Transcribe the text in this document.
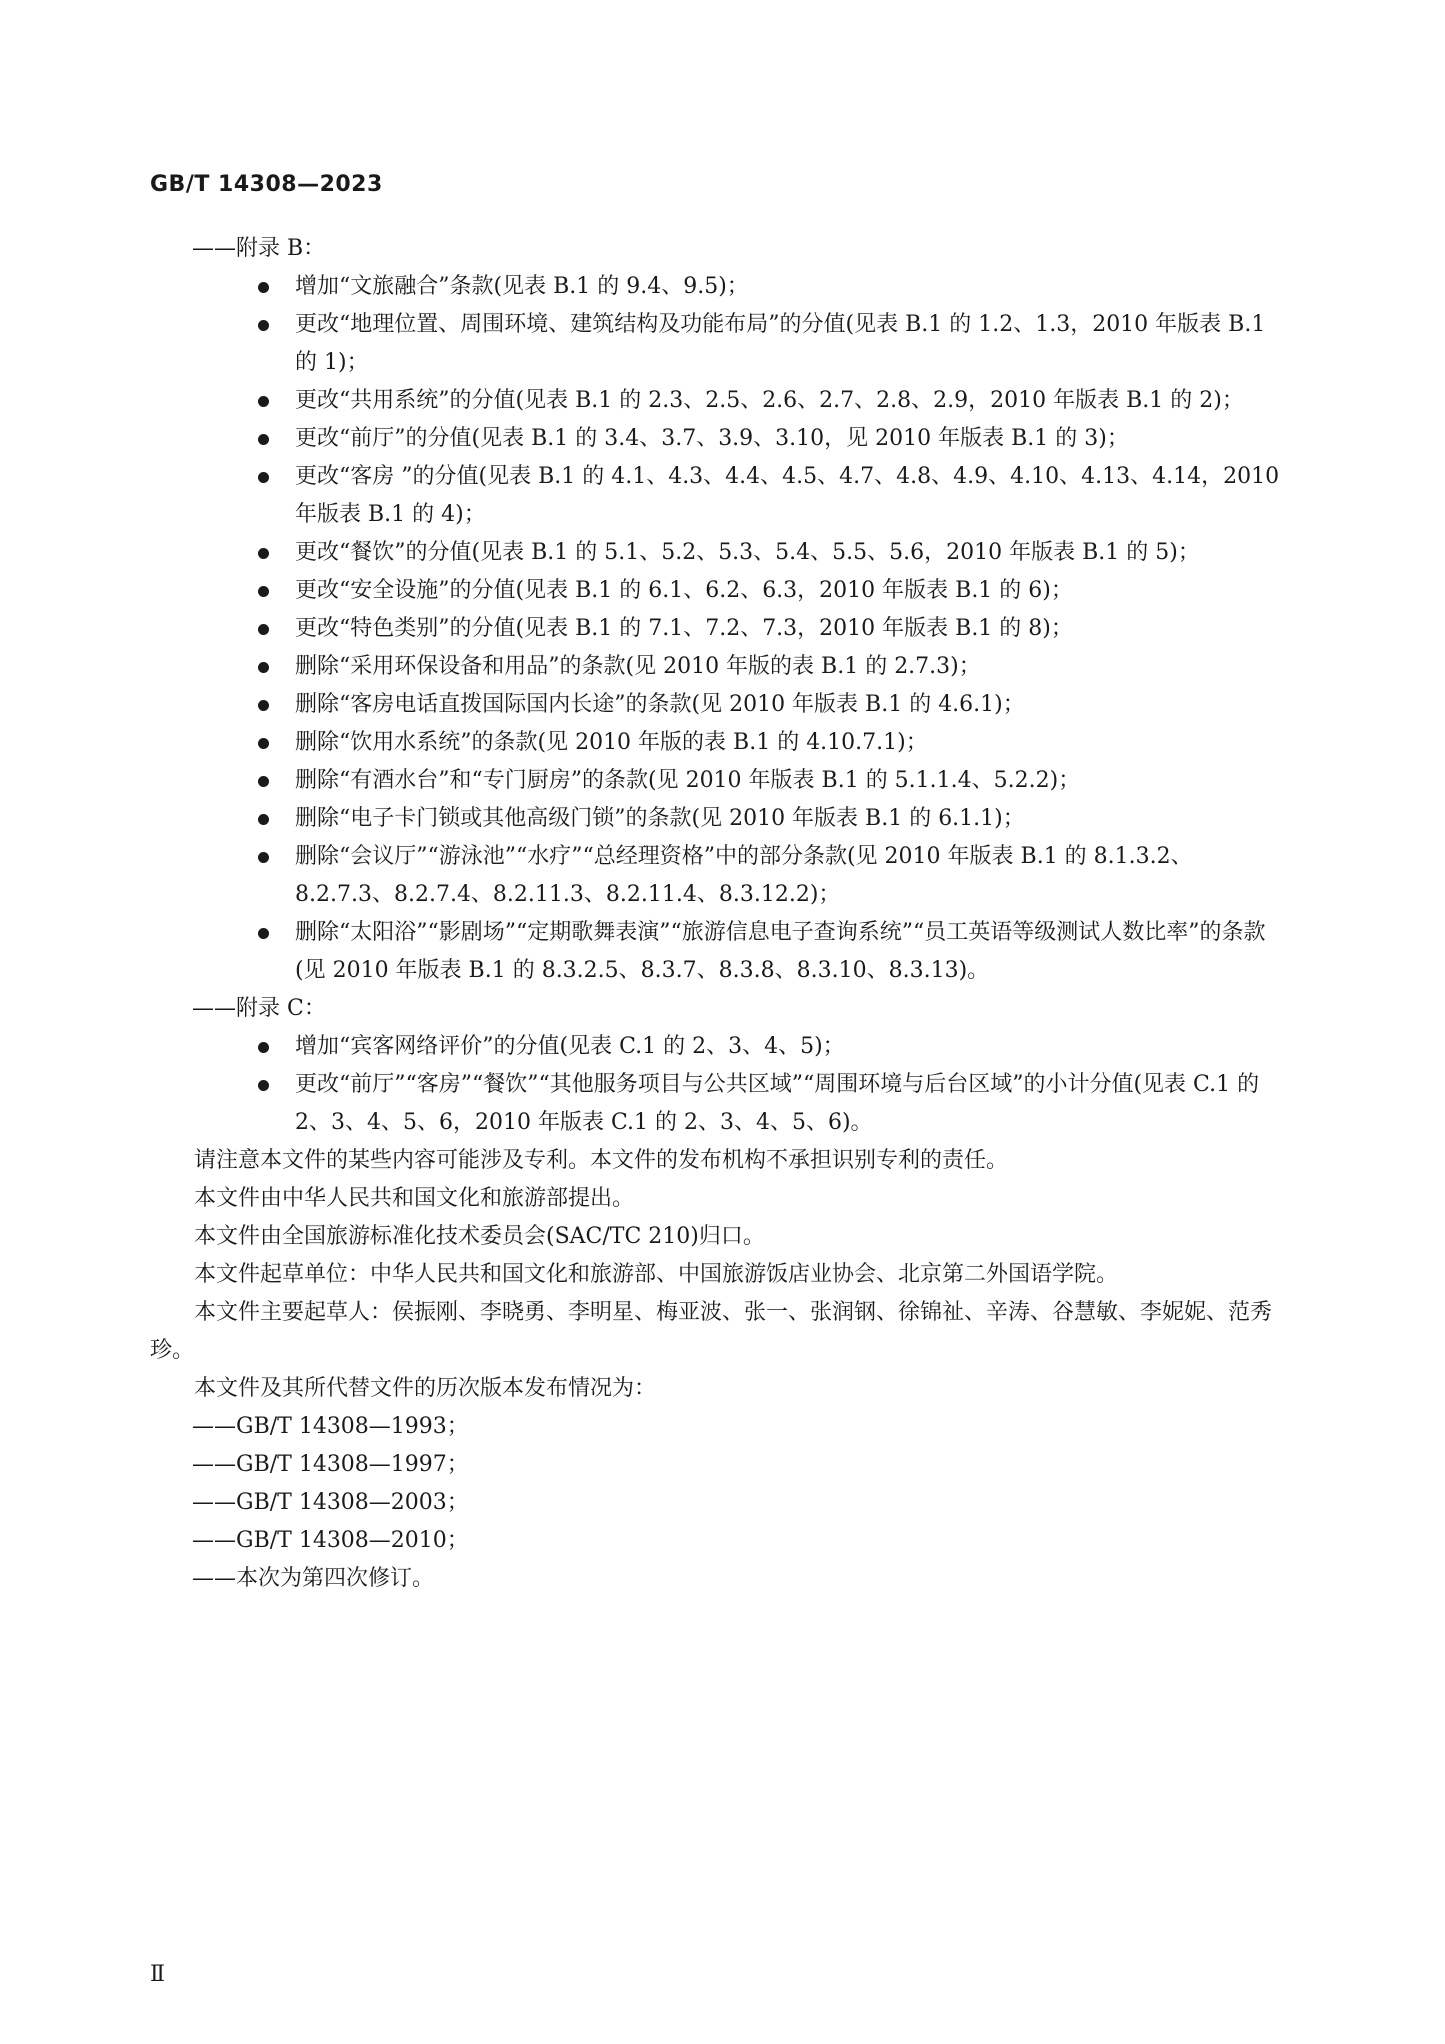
GB/T 14308—2023
——附录 B：
增加“文旅融合”条款(见表 B.1 的 9.4、9.5)；
更改“地理位置、周围环境、建筑结构及功能布局”的分值(见表 B.1 的 1.2、1.3，2010 年版表 B.1 的 1)；
更改“共用系统”的分值(见表 B.1 的 2.3、2.5、2.6、2.7、2.8、2.9，2010 年版表 B.1 的 2)；
更改“前厅”的分值(见表 B.1 的 3.4、3.7、3.9、3.10，见 2010 年版表 B.1 的 3)；
更改“客房 ”的分值(见表 B.1 的 4.1、4.3、4.4、4.5、4.7、4.8、4.9、4.10、4.13、4.14，2010 年版表 B.1 的 4)；
更改“餐饮”的分值(见表 B.1 的 5.1、5.2、5.3、5.4、5.5、5.6，2010 年版表 B.1 的 5)；
更改“安全设施”的分值(见表 B.1 的 6.1、6.2、6.3，2010 年版表 B.1 的 6)；
更改“特色类别”的分值(见表 B.1 的 7.1、7.2、7.3，2010 年版表 B.1 的 8)；
删除“采用环保设备和用品”的条款(见 2010 年版的表 B.1 的 2.7.3)；
删除“客房电话直拨国际国内长途”的条款(见 2010 年版表 B.1 的 4.6.1)；
删除“饮用水系统”的条款(见 2010 年版的表 B.1 的 4.10.7.1)；
删除“有酒水台”和“专门厨房”的条款(见 2010 年版表 B.1 的 5.1.1.4、5.2.2)；
删除“电子卡门锁或其他高级门锁”的条款(见 2010 年版表 B.1 的 6.1.1)；
删除“会议厅”“游泳池”“水疗”“总经理资格”中的部分条款(见 2010 年版表 B.1 的 8.1.3.2、8.2.7.3、8.2.7.4、8.2.11.3、8.2.11.4、8.3.12.2)；
删除“太阳浴”“影剧场”“定期歌舞表演”“旅游信息电子查询系统”“员工英语等级测试人数比率”的条款(见 2010 年版表 B.1 的 8.3.2.5、8.3.7、8.3.8、8.3.10、8.3.13)。
——附录 C：
增加“宾客网络评价”的分值(见表 C.1 的 2、3、4、5)；
更改“前厅”“客房”“餐饮”“其他服务项目与公共区域”“周围环境与后台区域”的小计分值(见表 C.1 的 2、3、4、5、6，2010 年版表 C.1 的 2、3、4、5、6)。
请注意本文件的某些内容可能涉及专利。本文件的发布机构不承担识别专利的责任。
本文件由中华人民共和国文化和旅游部提出。
本文件由全国旅游标准化技术委员会(SAC/TC 210)归口。
本文件起草单位：中华人民共和国文化和旅游部、中国旅游饭店业协会、北京第二外国语学院。
本文件主要起草人：侯振刚、李晓勇、李明星、梅亚波、张一、张润钢、徐锦祉、辛涛、谷慧敏、李妮妮、范秀珍。
本文件及其所代替文件的历次版本发布情况为：
——GB/T 14308—1993；
——GB/T 14308—1997；
——GB/T 14308—2003；
——GB/T 14308—2010；
——本次为第四次修订。
Ⅱ
